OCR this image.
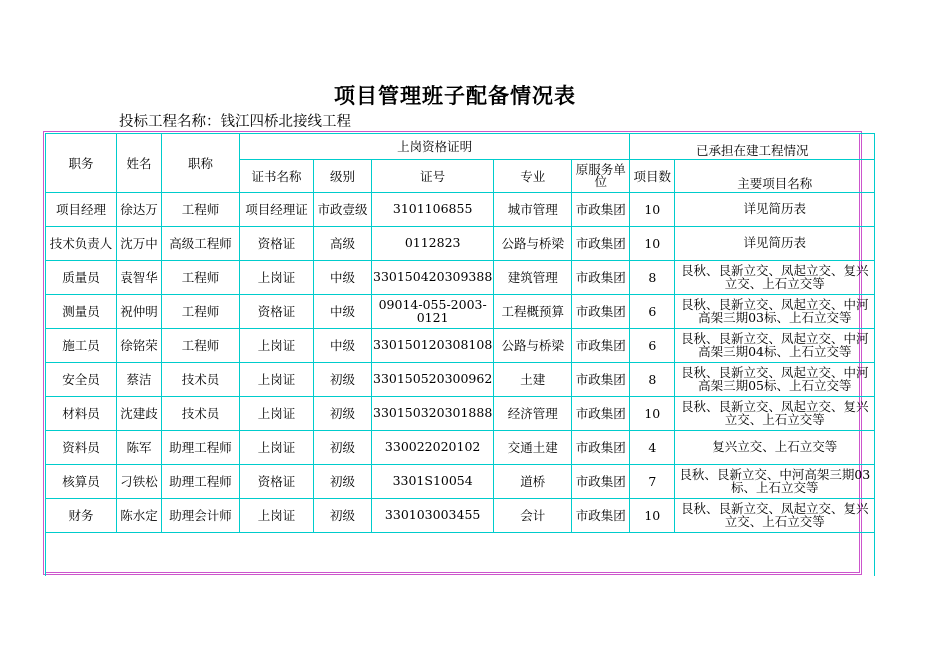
项目管理班子配备情况表
投标工程名称：钱江四桥北接线工程
职务	姓名	职称	上岗资格证明					已承担在建工程情况	
			证书名称	级别	证号	专业	原服务单位	项目数	主要项目名称
项目经理	徐达万	工程师	项目经理证	市政壹级	3101106855	城市管理	市政集团	10	详见简历表
技术负责人	沈万中	高级工程师	资格证	高级	0112823	公路与桥梁	市政集团	10	详见简历表
质量员	袁智华	工程师	上岗证	中级	330150420309388	建筑管理	市政集团	8	艮秋、艮新立交、凤起立交、复兴立交、上石立交等
测量员	祝仲明	工程师	资格证	中级	09014-055-2003-0121	工程概预算	市政集团	6	艮秋、艮新立交、凤起立交、中河高架三期03标、上石立交等
施工员	徐铭荣	工程师	上岗证	中级	330150120308108	公路与桥梁	市政集团	6	艮秋、艮新立交、凤起立交、中河高架三期04标、上石立交等
安全员	蔡洁	技术员	上岗证	初级	330150520300962	土建	市政集团	8	艮秋、艮新立交、凤起立交、中河高架三期05标、上石立交等
材料员	沈建歧	技术员	上岗证	初级	330150320301888	经济管理	市政集团	10	艮秋、艮新立交、凤起立交、复兴立交、上石立交等
资料员	陈军	助理工程师	上岗证	初级	330022020102	交通土建	市政集团	4	复兴立交、上石立交等
核算员	刁铁松	助理工程师	资格证	初级	3301S10054	道桥	市政集团	7	艮秋、艮新立交、中河高架三期03标、上石立交等
财务	陈水定	助理会计师	上岗证	初级	330103003455	会计	市政集团	10	艮秋、艮新立交、凤起立交、复兴立交、上石立交等
